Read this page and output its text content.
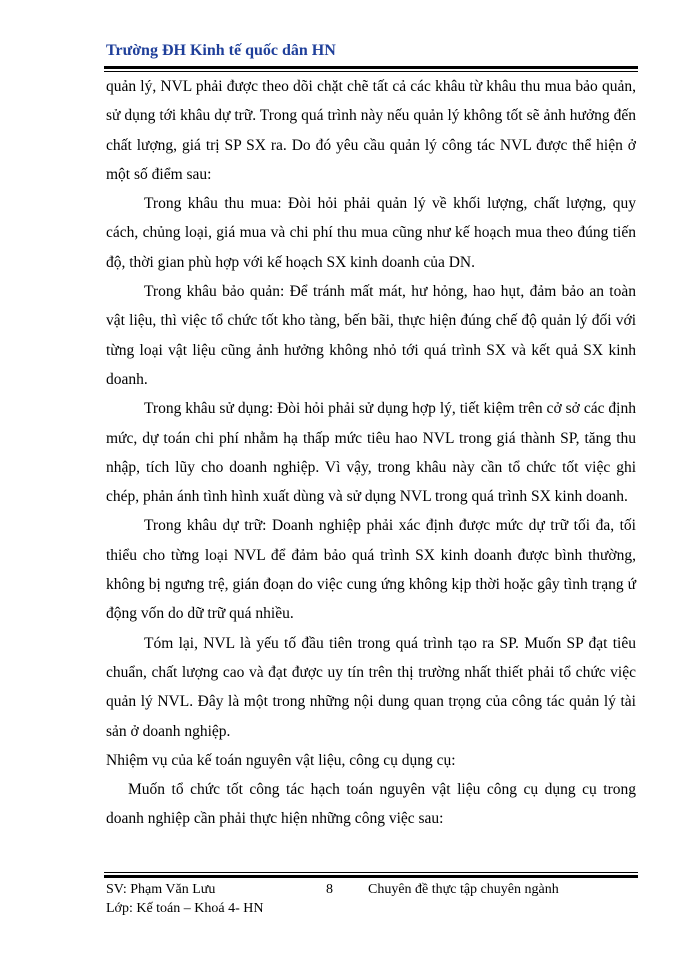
Trường ĐH Kinh tế quốc dân HN

quản lý, NVL phải được theo dõi chặt chẽ tất cả các khâu từ khâu thu mua bảo quản, sử dụng tới khâu dự trữ. Trong quá trình này nếu quản lý không tốt sẽ ảnh hưởng đến chất lượng, giá trị SP SX ra. Do đó yêu cầu quản lý công tác NVL được thể hiện ở một số điểm sau:

Trong khâu thu mua: Đòi hỏi phải quản lý về khối lượng, chất lượng, quy cách, chủng loại, giá mua và chi phí thu mua cũng như kế hoạch mua theo đúng tiến độ, thời gian phù hợp với kế hoạch SX kinh doanh của DN.

Trong khâu bảo quản: Để tránh mất mát, hư hỏng, hao hụt, đảm bảo an toàn vật liệu, thì việc tổ chức tốt kho tàng, bến bãi, thực hiện đúng chế độ quản lý đối với từng loại vật liệu cũng ảnh hưởng không nhỏ tới quá trình SX và kết quả SX kinh doanh.

Trong khâu sử dụng: Đòi hỏi phải sử dụng hợp lý, tiết kiệm trên cở sở các định mức, dự toán chi phí nhằm hạ thấp mức tiêu hao NVL trong giá thành SP, tăng thu nhập, tích lũy cho doanh nghiệp. Vì vậy, trong khâu này cần tổ chức tốt việc ghi chép, phản ánh tình hình xuất dùng và sử dụng NVL trong quá trình SX kinh doanh.

Trong khâu dự trữ: Doanh nghiệp phải xác định được mức dự trữ tối đa, tối thiểu cho từng loại NVL để đảm bảo quá trình SX kinh doanh được bình thường, không bị ngưng trệ, gián đoạn do việc cung ứng không kịp thời hoặc gây tình trạng ứ động vốn do dữ trữ quá nhiều.

Tóm lại, NVL là yếu tố đầu tiên trong quá trình tạo ra SP. Muốn SP đạt tiêu chuẩn, chất lượng cao và đạt được uy tín trên thị trường nhất thiết phải tổ chức việc quản lý NVL. Đây là một trong những nội dung quan trọng của công tác quản lý tài sản ở doanh nghiệp.

Nhiệm vụ của kế toán nguyên vật liệu, công cụ dụng cụ:

Muốn tổ chức tốt công tác hạch toán nguyên vật liệu công cụ dụng cụ trong doanh nghiệp cần phải thực hiện những công việc sau:

SV: Phạm Văn Lưu	8	Chuyên đề thực tập chuyên ngành
Lớp: Kế toán – Khoá 4- HN
